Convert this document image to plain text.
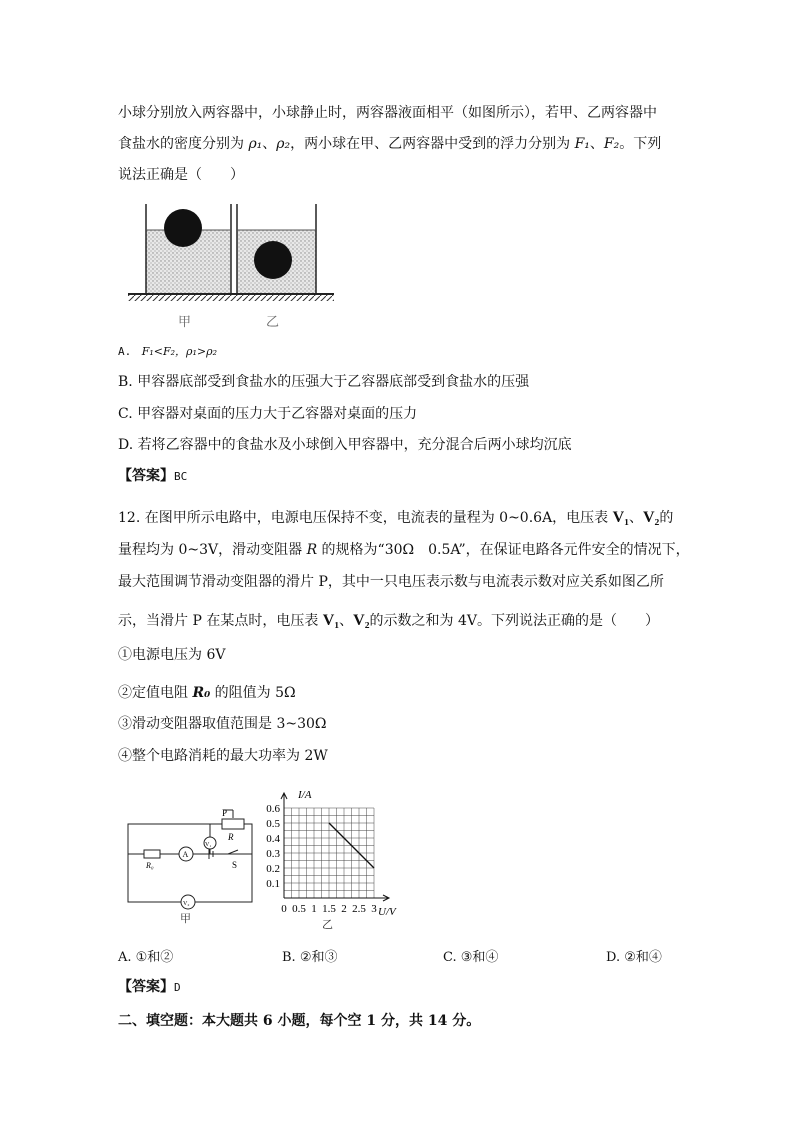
小球分别放入两容器中，小球静止时，两容器液面相平（如图所示），若甲、乙两容器中
食盐水的密度分别为 ρ₁、ρ₂，两小球在甲、乙两容器中受到的浮力分别为 F₁、F₂。下列
说法正确是（　　）
甲	乙
A. F₁<F₂，ρ₁>ρ₂
B. 甲容器底部受到食盐水的压强大于乙容器底部受到食盐水的压强
C. 甲容器对桌面的压力大于乙容器对桌面的压力
D. 若将乙容器中的食盐水及小球倒入甲容器中，充分混合后两小球均沉底
【答案】BC
12. 在图甲所示电路中，电源电压保持不变，电流表的量程为 0~0.6A，电压表 V₁、V₂的
量程均为 0~3V，滑动变阻器 R 的规格为“30Ω　0.5A”，在保证电路各元件安全的情况下，
最大范围调节滑动变阻器的滑片 P，其中一只电压表示数与电流表示数对应关系如图乙所
示，当滑片 P 在某点时，电压表 V₁、V₂的示数之和为 4V。下列说法正确的是（　　）
①电源电压为 6V
②定值电阻 R₀ 的阻值为 5Ω
③滑动变阻器取值范围是 3~30Ω
④整个电路消耗的最大功率为 2W
P
R
R₀
A
V₁
V₂
S
甲
0.1
0.2
0.3
0.4
0.5
0.6
0 0.5 1 1.5 2 2.5 3
I/A
U/V
乙
A. ①和②	B. ②和③	C. ③和④	D. ②和④
【答案】D
二、填空题：本大题共 6 小题，每个空 1 分，共 14 分。
